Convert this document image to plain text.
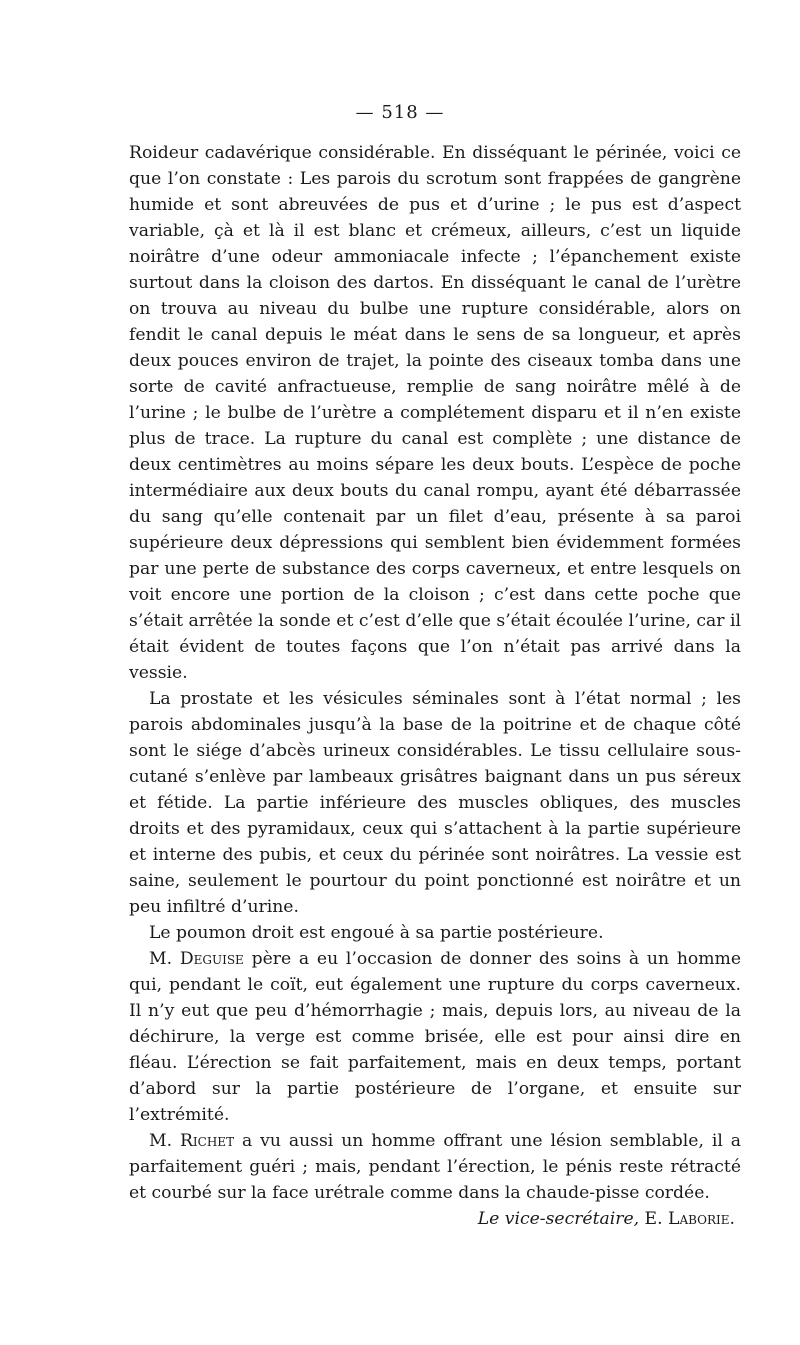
— 518 —

Roideur cadavérique considérable. En disséquant le périnée, voici ce que l’on constate : Les parois du scrotum sont frappées de gangrène humide et sont abreuvées de pus et d’urine ; le pus est d’aspect variable, çà et là il est blanc et crémeux, ailleurs, c’est un liquide noirâtre d’une odeur ammoniacale infecte ; l’épanchement existe surtout dans la cloison des dartos. En disséquant le canal de l’urètre on trouva au niveau du bulbe une rupture considérable, alors on fendit le canal depuis le méat dans le sens de sa longueur, et après deux pouces environ de trajet, la pointe des ciseaux tomba dans une sorte de cavité anfractueuse, remplie de sang noirâtre mêlé à de l’urine ; le bulbe de l’urètre a complétement disparu et il n’en existe plus de trace. La rupture du canal est complète ; une distance de deux centimètres au moins sépare les deux bouts. L’espèce de poche intermédiaire aux deux bouts du canal rompu, ayant été débarrassée du sang qu’elle contenait par un filet d’eau, présente à sa paroi supérieure deux dépressions qui semblent bien évidemment formées par une perte de substance des corps caverneux, et entre lesquels on voit encore une portion de la cloison ; c’est dans cette poche que s’était arrêtée la sonde et c’est d’elle que s’était écoulée l’urine, car il était évident de toutes façons que l’on n’était pas arrivé dans la vessie.

La prostate et les vésicules séminales sont à l’état normal ; les parois abdominales jusqu’à la base de la poitrine et de chaque côté sont le siége d’abcès urineux considérables. Le tissu cellulaire sous-cutané s’enlève par lambeaux grisâtres baignant dans un pus séreux et fétide. La partie inférieure des muscles obliques, des muscles droits et des pyramidaux, ceux qui s’attachent à la partie supérieure et interne des pubis, et ceux du périnée sont noirâtres. La vessie est saine, seulement le pourtour du point ponctionné est noirâtre et un peu infiltré d’urine.

Le poumon droit est engoué à sa partie postérieure.

M. Deguise père a eu l’occasion de donner des soins à un homme qui, pendant le coït, eut également une rupture du corps caverneux. Il n’y eut que peu d’hémorrhagie ; mais, depuis lors, au niveau de la déchirure, la verge est comme brisée, elle est pour ainsi dire en fléau. L’érection se fait parfaitement, mais en deux temps, portant d’abord sur la partie postérieure de l’organe, et ensuite sur l’extrémité.

M. Richet a vu aussi un homme offrant une lésion semblable, il a parfaitement guéri ; mais, pendant l’érection, le pénis reste rétracté et courbé sur la face urétrale comme dans la chaude-pisse cordée.

Le vice-secrétaire, E. Laborie.
